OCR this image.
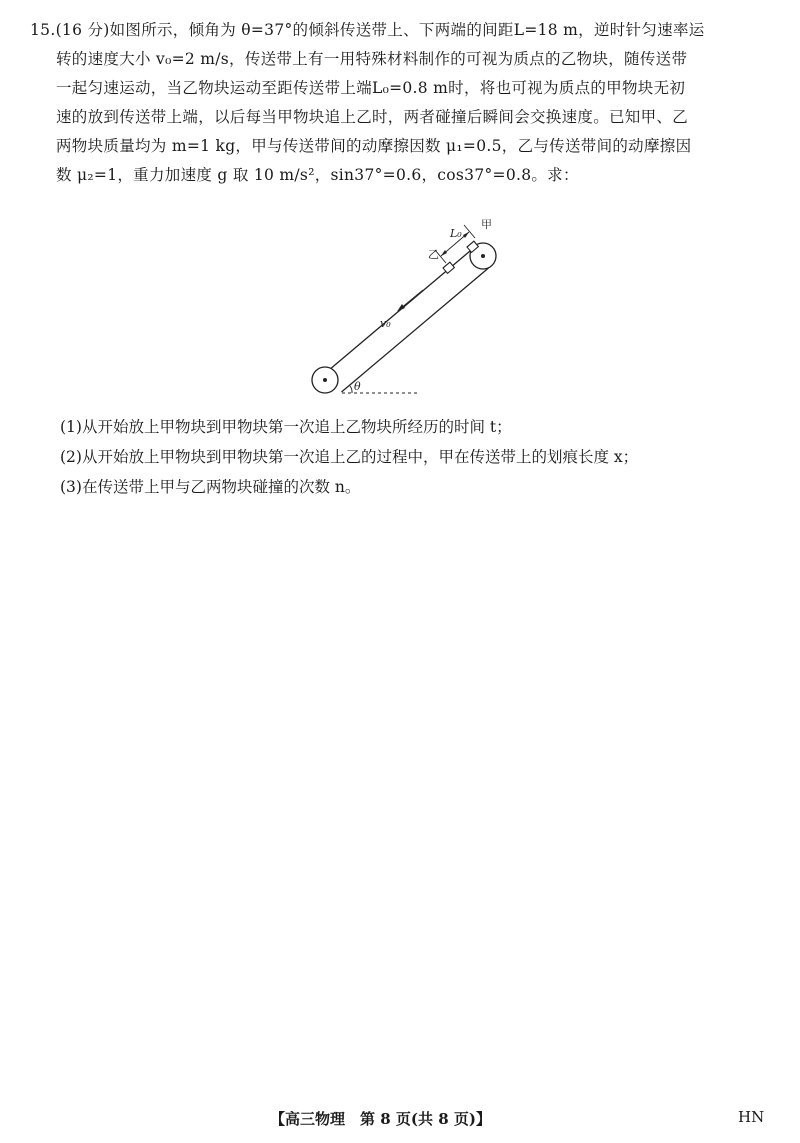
15.(16 分)如图所示，倾角为 θ=37°的倾斜传送带上、下两端的间距L=18 m，逆时针匀速率运
转的速度大小 v₀=2 m/s，传送带上有一用特殊材料制作的可视为质点的乙物块，随传送带
一起匀速运动，当乙物块运动至距传送带上端L₀=0.8 m时，将也可视为质点的甲物块无初
速的放到传送带上端，以后每当甲物块追上乙时，两者碰撞后瞬间会交换速度。已知甲、乙
两物块质量均为 m=1 kg，甲与传送带间的动摩擦因数 μ₁=0.5，乙与传送带间的动摩擦因
数 μ₂=1，重力加速度 g 取 10 m/s²，sin37°=0.6，cos37°=0.8。求：
甲
乙
L₀
v₀
θ
(1)从开始放上甲物块到甲物块第一次追上乙物块所经历的时间 t；
(2)从开始放上甲物块到甲物块第一次追上乙的过程中，甲在传送带上的划痕长度 x；
(3)在传送带上甲与乙两物块碰撞的次数 n。
【高三物理　第 8 页(共 8 页)】	HN
